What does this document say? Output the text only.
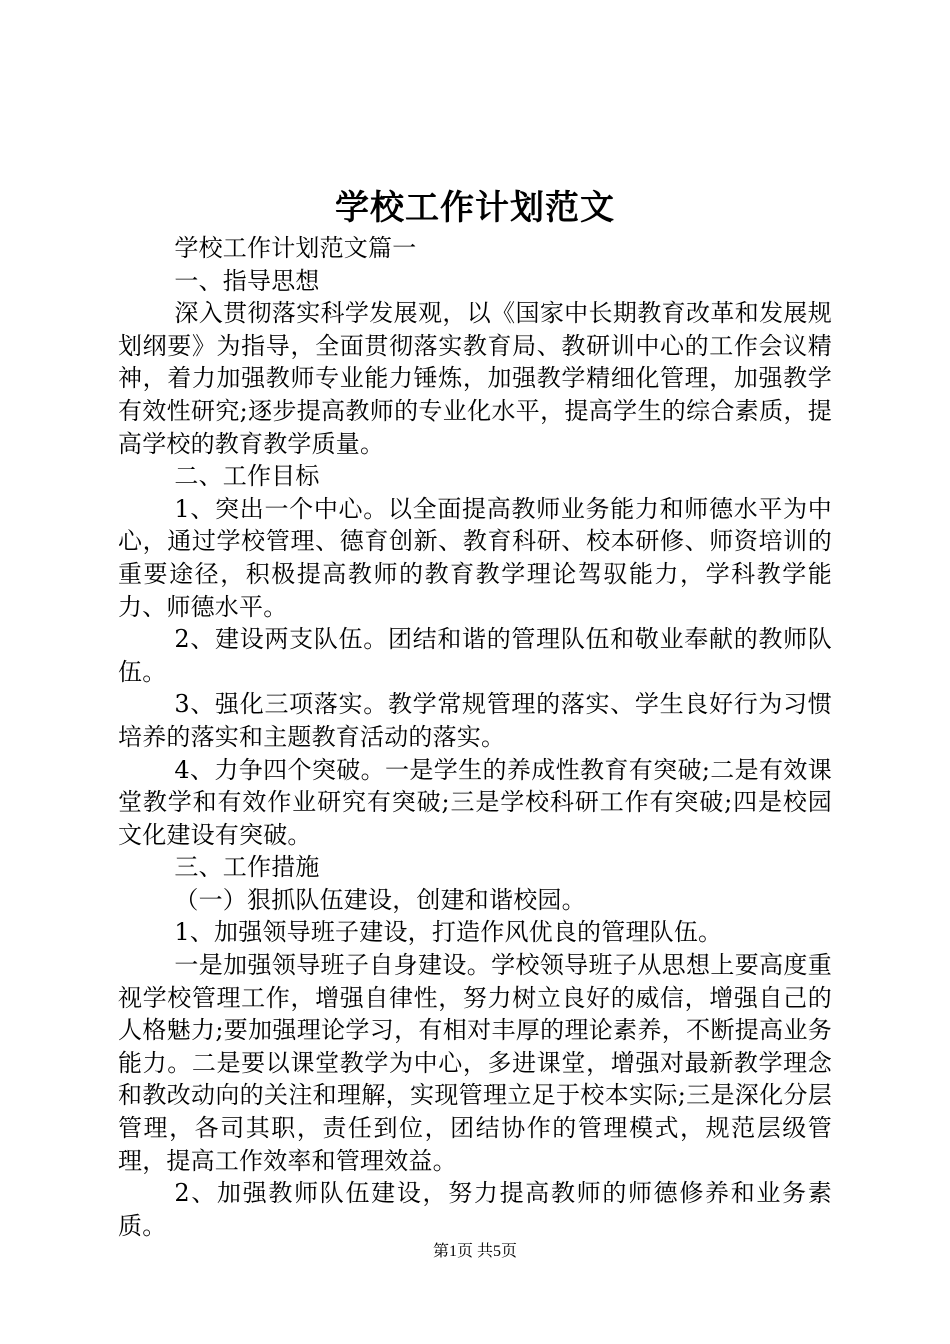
学校工作计划范文

学校工作计划范文篇一

一、指导思想

深入贯彻落实科学发展观，以《国家中长期教育改革和发展规划纲要》为指导，全面贯彻落实教育局、教研训中心的工作会议精神，着力加强教师专业能力锤炼，加强教学精细化管理，加强教学有效性研究;逐步提高教师的专业化水平，提高学生的综合素质，提高学校的教育教学质量。

二、工作目标

1、突出一个中心。以全面提高教师业务能力和师德水平为中心，通过学校管理、德育创新、教育科研、校本研修、师资培训的重要途径，积极提高教师的教育教学理论驾驭能力，学科教学能力、师德水平。

2、建设两支队伍。团结和谐的管理队伍和敬业奉献的教师队伍。

3、强化三项落实。教学常规管理的落实、学生良好行为习惯培养的落实和主题教育活动的落实。

4、力争四个突破。一是学生的养成性教育有突破;二是有效课堂教学和有效作业研究有突破;三是学校科研工作有突破;四是校园文化建设有突破。

三、工作措施

（一）狠抓队伍建设，创建和谐校园。

1、加强领导班子建设，打造作风优良的管理队伍。

一是加强领导班子自身建设。学校领导班子从思想上要高度重视学校管理工作，增强自律性，努力树立良好的威信，增强自己的人格魅力;要加强理论学习，有相对丰厚的理论素养，不断提高业务能力。二是要以课堂教学为中心，多进课堂，增强对最新教学理念和教改动向的关注和理解，实现管理立足于校本实际;三是深化分层管理，各司其职，责任到位，团结协作的管理模式，规范层级管理，提高工作效率和管理效益。

2、加强教师队伍建设，努力提高教师的师德修养和业务素质。

第1页 共5页
